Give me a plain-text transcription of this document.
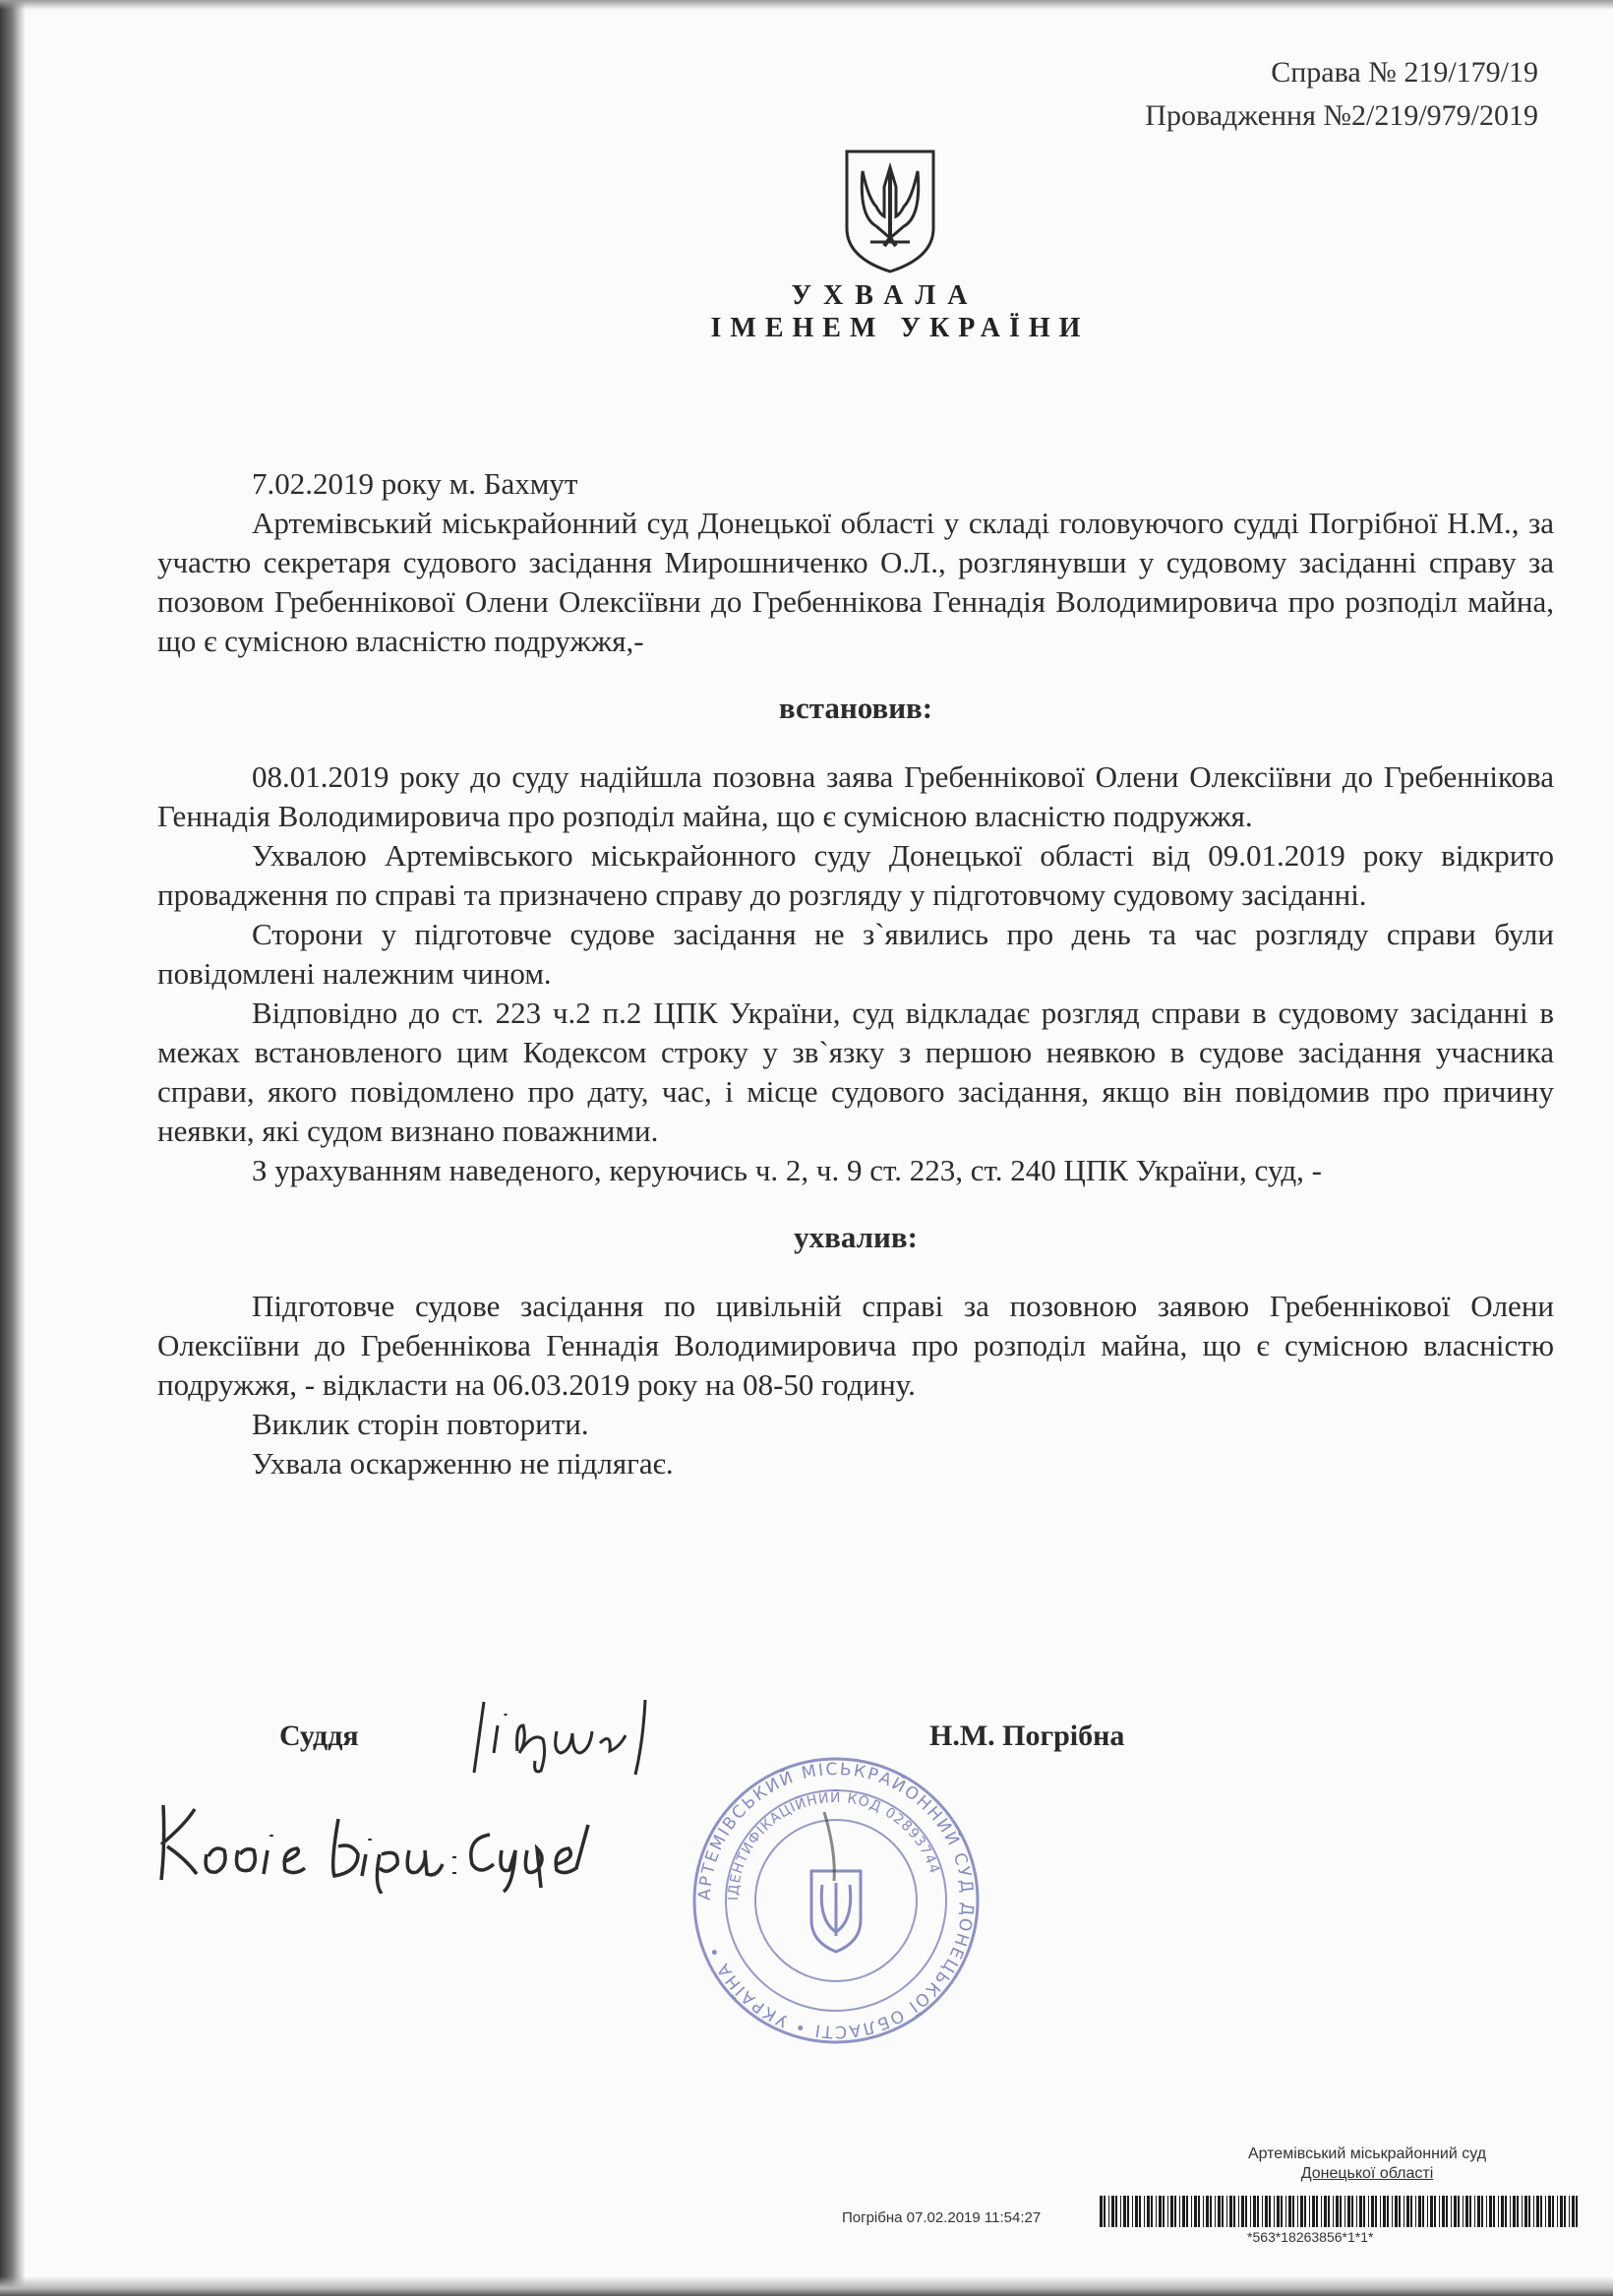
Справа № 219/179/19
Провадження №2/219/979/2019
УХВАЛА
ІМЕНЕМ УКРАЇНИ

7.02.2019 року м. Бахмут

Артемівський міськрайонний суд Донецької області у складі головуючого судді Погрібної Н.М., за участю секретаря судового засідання Мирошниченко О.Л., розглянувши у судовому засіданні справу за позовом Гребеннікової Олени Олексіївни до Гребеннікова Геннадія Володимировича про розподіл майна, що є сумісною власністю подружжя,-

встановив:

08.01.2019 року до суду надійшла позовна заява Гребеннікової Олени Олексіївни до Гребеннікова Геннадія Володимировича про розподіл майна, що є сумісною власністю подружжя.

Ухвалою Артемівського міськрайонного суду Донецької області від 09.01.2019 року відкрито провадження по справі та призначено справу до розгляду у підготовчому судовому засіданні.

Сторони у підготовче судове засідання не з`явились про день та час розгляду справи були повідомлені належним чином.

Відповідно до ст. 223 ч.2 п.2 ЦПК України, суд відкладає розгляд справи в судовому засіданні в межах встановленого цим Кодексом строку у зв`язку з першою неявкою в судове засідання учасника справи, якого повідомлено про дату, час, і місце судового засідання, якщо він повідомив про причину неявки, які судом визнано поважними.

З урахуванням наведеного, керуючись ч. 2, ч. 9 ст. 223, ст. 240 ЦПК України, суд, -

ухвалив:

Підготовче судове засідання по цивільній справі за позовною заявою Гребеннікової Олени Олексіївни до Гребеннікова Геннадія Володимировича про розподіл майна, що є сумісною власністю подружжя, - відкласти на 06.03.2019 року на 08-50 годину.

Виклик сторін повторити.

Ухвала оскарженню не підлягає.

Суддя	Н.М. Погрібна
АРТЕМІВСЬКИЙ МІСЬКРАЙОННИЙ СУД ДОНЕЦЬКОЇ ОБЛАСТІ • УКРАЇНА •
ІДЕНТИФІКАЦІЙНИЙ КОД 02893744
Артемівський міськрайонний суд
Донецької області
Погрібна 07.02.2019 11:54:27
*563*18263856*1*1*
